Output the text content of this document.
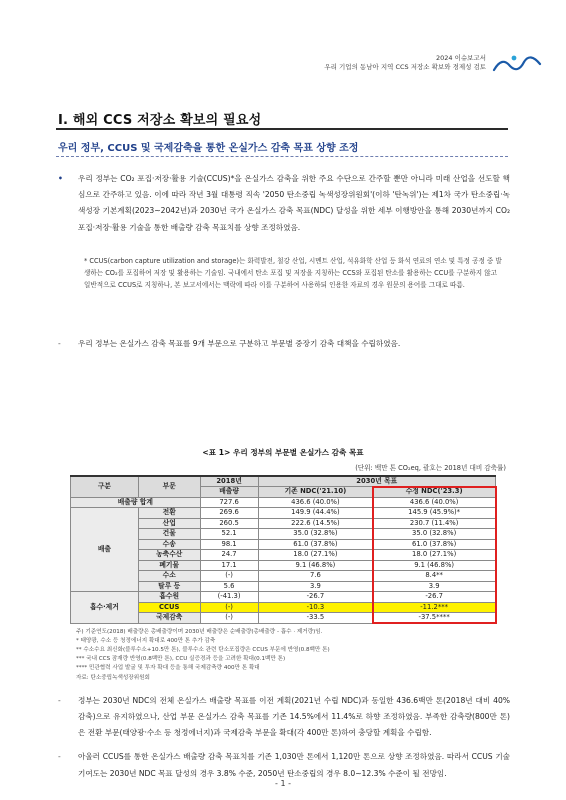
2024 이슈보고서
우리 기업의 동남아 지역 CCS 저장소 확보와 경제성 검토
Ⅰ. 해외 CCS 저장소 확보의 필요성
우리 정부, CCUS 및 국제감축을 통한 온실가스 감축 목표 상향 조정
•	우리 정부는 CO₂ 포집·저장·활용 기술(CCUS)*을 온실가스 감축을 위한 주요 수단으로 간주할 뿐만 아니라 미래 산업을 선도할 핵심으로 간주하고 있음. 이에 따라 작년 3월 대통령 직속 '2050 탄소중립 녹색성장위원회'(이하 '탄녹위')는 제1차 국가 탄소중립·녹색성장 기본계획(2023~2042년)과 2030년 국가 온실가스 감축 목표(NDC) 달성을 위한 세부 이행방안을 통해 2030년까지 CO₂ 포집·저장·활용 기술을 통한 배출량 감축 목표치를 상향 조정하였음.
* CCUS(carbon capture utilization and storage)는 화력발전, 철강 산업, 시멘트 산업, 석유화학 산업 등 화석 연료의 연소 및 특정 공정 중 발생하는 CO₂를 포집하여 저장 및 활용하는 기술임. 국내에서 탄소 포집 및 저장을 지칭하는 CCS와 포집된 탄소를 활용하는 CCU를 구분하지 않고 일반적으로 CCUS로 지칭하나, 본 보고서에서는 맥락에 따라 이를 구분하여 사용하되 인용한 자료의 경우 원문의 용어를 그대로 따름.
-	우리 정부는 온실가스 감축 목표를 9개 부문으로 구분하고 부문별 중장기 감축 대책을 수립하였음.
<표 1> 우리 정부의 부문별 온실가스 감축 목표
(단위: 백만 톤 CO₂eq, 괄호는 2018년 대비 감축률)
구분	부문	2018년	2030년 목표	
		배출량	기존 NDC('21.10)	수정 NDC('23.3)
배출량 합계		727.6	436.6 (40.0%)	436.6 (40.0%)
배출	전환	269.6	149.9 (44.4%)	145.9 (45.9%)*
	산업	260.5	222.6 (14.5%)	230.7 (11.4%)
	건물	52.1	35.0 (32.8%)	35.0 (32.8%)
	수송	98.1	61.0 (37.8%)	61.0 (37.8%)
	농축수산	24.7	18.0 (27.1%)	18.0 (27.1%)
	폐기물	17.1	9.1 (46.8%)	9.1 (46.8%)
	수소	(-)	7.6	8.4**
	탈루 등	5.6	3.9	3.9
흡수·제거	흡수원	(-41.3)	-26.7	-26.7
	CCUS	(-)	-10.3	-11.2***
	국제감축	(-)	-33.5	-37.5****
주) 기준연도(2018) 배출량은 총배출량이며 2030년 배출량은 순배출량(총배출량 - 흡수 · 제거량)임.
* 태양광, 수소 등 청정에너지 확대로 400만 톤 추가 감축
** 수소수요 최신화(블루수소+10.5만 톤), 블루수소 관련 탄소포집량은 CCUS 부문에 반영(0.8백만 톤)
*** 국내 CCS 잠재량 반영(0.8백만 톤), CCU 실증경과 등을 고려한 확대(0.1백만 톤)
**** 민관협력 사업 발굴 및 투자 확대 등을 통해 국제감축량 400만 톤 확대
자료: 탄소중립녹색성장위원회
-	정부는 2030년 NDC의 전체 온실가스 배출량 목표를 이전 계획(2021년 수립 NDC)과 동일한 436.6백만 톤(2018년 대비 40% 감축)으로 유지하였으나, 산업 부문 온실가스 감축 목표를 기존 14.5%에서 11.4%로 하향 조정하였음. 부족한 감축량(800만 톤)은 전환 부문(태양광·수소 등 청정에너지)과 국제감축 부문을 확대(각 400만 톤)하여 충당할 계획을 수립함.
-	아울러 CCUS를 통한 온실가스 배출량 감축 목표치를 기존 1,030만 톤에서 1,120만 톤으로 상향 조정하였음. 따라서 CCUS 기술 기여도는 2030년 NDC 목표 달성의 경우 3.8% 수준, 2050년 탄소중립의 경우 8.0~12.3% 수준이 될 전망임.
- 1 -
